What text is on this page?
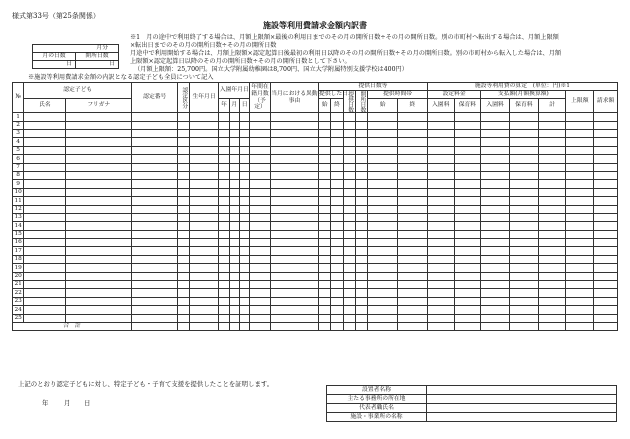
様式第33号（第25条関係）
施設等利用費請求金額内訳書
月分	
月の日数	開所日数
日	日
※1　月の途中で利用終了する場合は、月額上限額×最後の利用日までのその月の開所日数÷その月の開所日数。別の市町村へ転出する場合は、月額上限額
×転出日までのその月の開所日数÷その月の開所日数
月途中で利用開始する場合は、月額上限額×認定起算日後最初の利用日以降のその月の開所日数÷その月の開所日数。別の市町村から転入した場合は、月額
上限額×認定起算日以降のその月の開所日数÷その月の開所日数として下さい。
（月額上限額：25,700円。国立大学附属幼稚園は8,700円、国立大学附属特別支援学校は400円）
※施設等利用費請求金額の内訳となる認定子ども全員について記入
№	認定子ども		認定番号	認定区分	生年月日	入園年月日			年間在籍月数（予定）	当月における異動事由	提供日数等						施設等利用費の算定　(単位：円)※1						
											提供した日		提供日数	開所日数	提供時間帯		設定料金		支払額(月額換算額)			上限額	請求額
	氏名	フリガナ				年	月	日			始	終			始	終	入園料	保育料	入園料	保育料	計		
1																							
2																							
3																							
4																							
5																							
6																							
7																							
8																							
9																							
10																							
11																							
12																							
13																							
14																							
15																							
16																							
17																							
18																							
19																							
20																							
21																							
22																							
23																							
24																							
25																							
合　計																							
上記のとおり認定子どもに対し、特定子ども・子育て支援を提供したことを証明します。
年 月 日
設置者名称	
主たる事務所の所在地	
代表者職氏名	
施設・事業所の名称	
